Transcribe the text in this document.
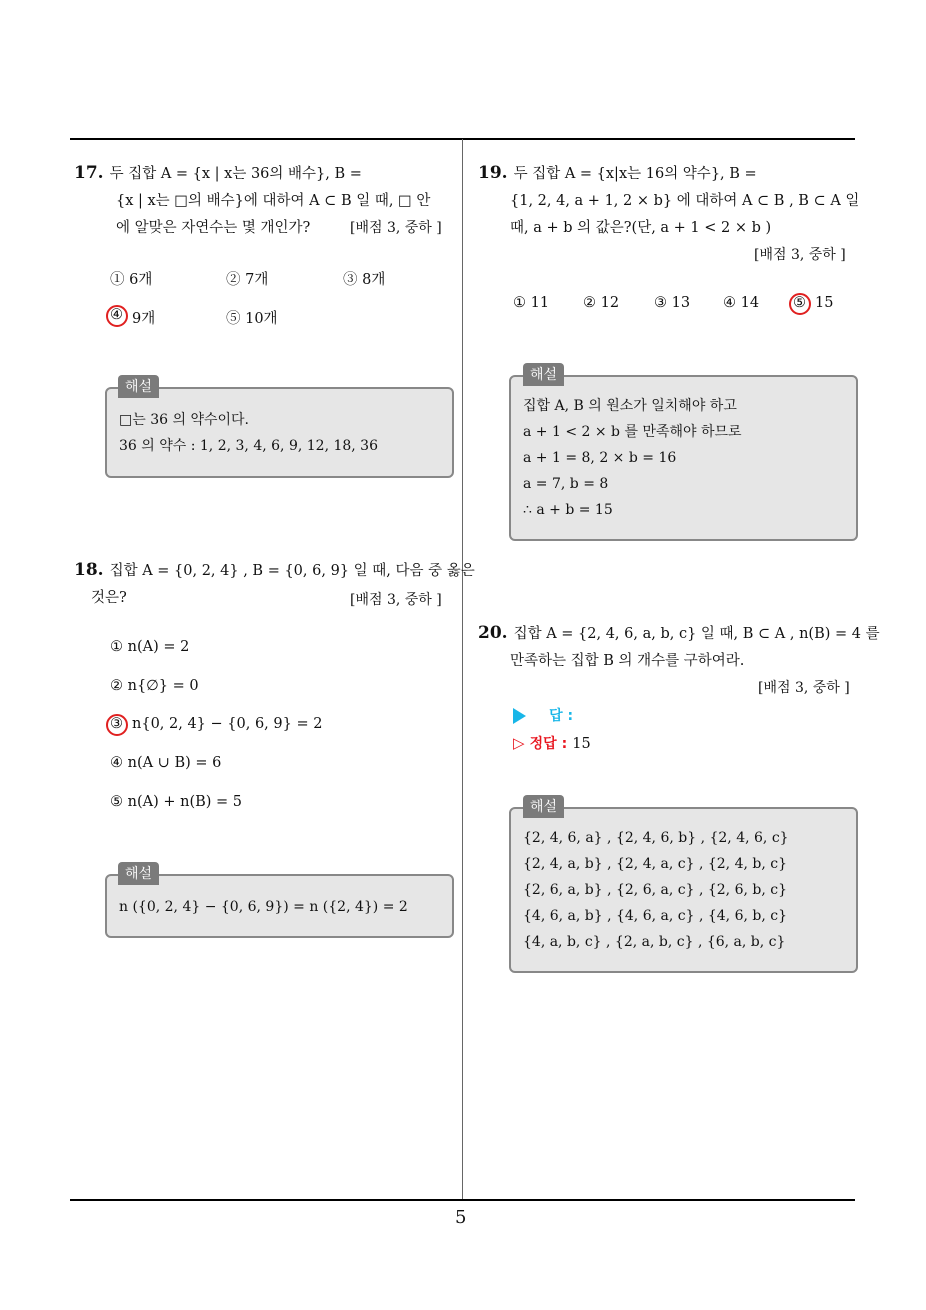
5
17. 두 집합 A = {x | x는 36의 배수}, B =
{x | x는 □의 배수}에 대하여 A ⊂ B 일 때, □ 안
에 알맞은 자연수는 몇 개인가?	[배점 3, 중하 ]
① 6개	② 7개	③ 8개
④ 9개	⑤ 10개
□는 36 의 약수이다.
36 의 약수 : 1, 2, 3, 4, 6, 9, 12, 18, 36
해설
18. 집합 A = {0, 2, 4} , B = {0, 6, 9} 일 때, 다음 중 옳은
것은?	[배점 3, 중하 ]
① n(A) = 2
② n{∅} = 0
③ n{0, 2, 4} − {0, 6, 9} = 2
④ n(A ∪ B) = 6
⑤ n(A) + n(B) = 5
n ({0, 2, 4} − {0, 6, 9}) = n ({2, 4}) = 2
해설
19. 두 집합 A = {x|x는 16의 약수}, B =
{1, 2, 4, a + 1, 2 × b} 에 대하여 A ⊂ B , B ⊂ A 일
때, a + b 의 값은?(단, a + 1 < 2 × b )
[배점 3, 중하 ]
① 11 ② 12 ③ 13 ④ 14 ⑤ 15
집합 A, B 의 원소가 일치해야 하고
a + 1 < 2 × b 를 만족해야 하므로
a + 1 = 8, 2 × b = 16
a = 7, b = 8
∴ a + b = 15
해설
20. 집합 A = {2, 4, 6, a, b, c} 일 때, B ⊂ A , n(B) = 4 를
만족하는 집합 B 의 개수를 구하여라.
[배점 3, 중하 ]
답 :
▷ 정답 : 15
{2, 4, 6, a} , {2, 4, 6, b} , {2, 4, 6, c}
{2, 4, a, b} , {2, 4, a, c} , {2, 4, b, c}
{2, 6, a, b} , {2, 6, a, c} , {2, 6, b, c}
{4, 6, a, b} , {4, 6, a, c} , {4, 6, b, c}
{4, a, b, c} , {2, a, b, c} , {6, a, b, c}
해설
